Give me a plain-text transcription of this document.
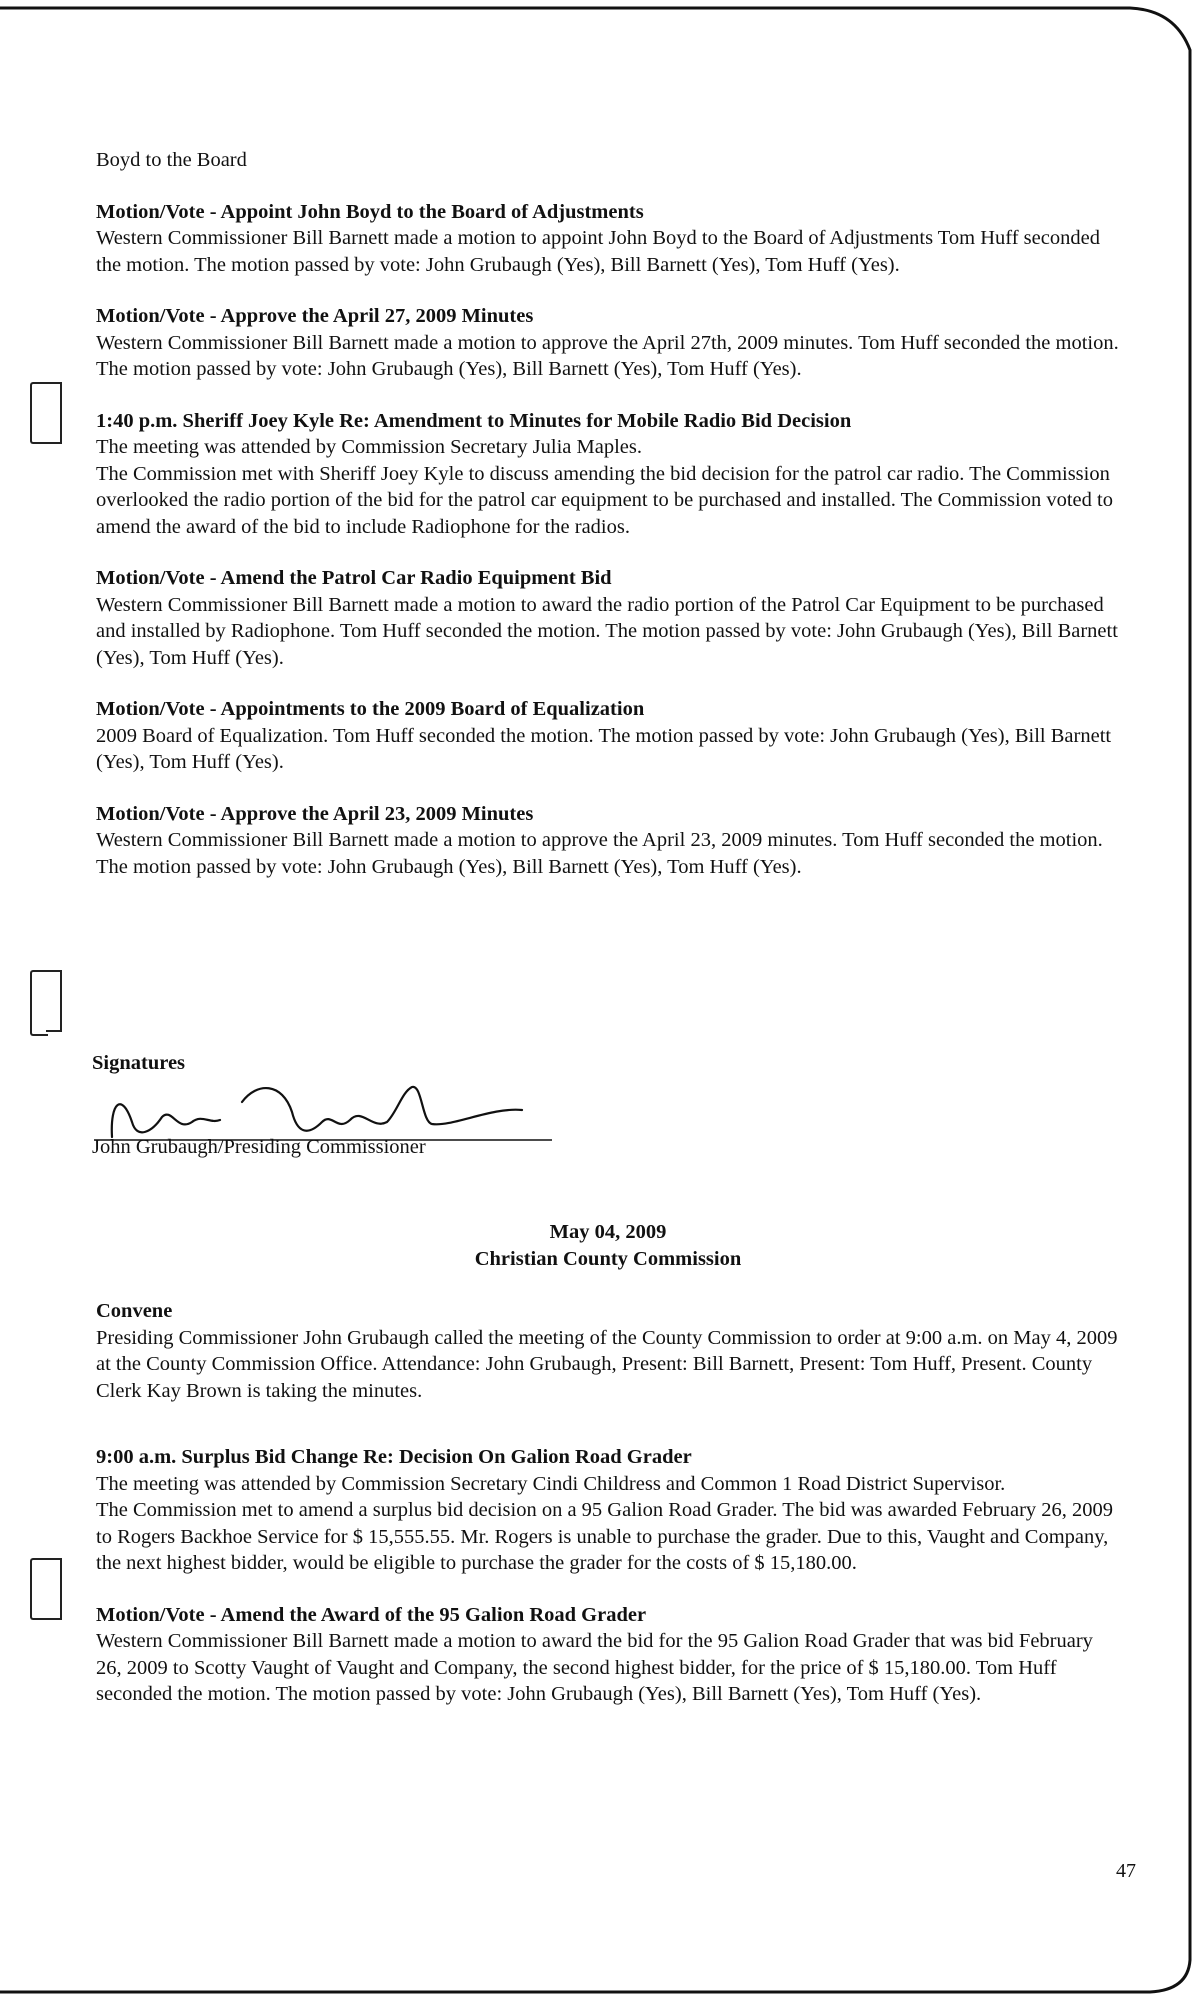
Boyd to the Board
Motion/Vote - Appoint John Boyd to the Board of Adjustments
Western Commissioner Bill Barnett made a motion to appoint John Boyd to the Board of Adjustments Tom Huff seconded the motion. The motion passed by vote: John Grubaugh (Yes), Bill Barnett (Yes), Tom Huff (Yes).
Motion/Vote - Approve the April 27, 2009 Minutes
Western Commissioner Bill Barnett made a motion to approve the April 27th, 2009 minutes. Tom Huff seconded the motion. The motion passed by vote: John Grubaugh (Yes), Bill Barnett (Yes), Tom Huff (Yes).
1:40 p.m. Sheriff Joey Kyle Re: Amendment to Minutes for Mobile Radio Bid Decision
The meeting was attended by Commission Secretary Julia Maples.
The Commission met with Sheriff Joey Kyle to discuss amending the bid decision for the patrol car radio. The Commission overlooked the radio portion of the bid for the patrol car equipment to be purchased and installed. The Commission voted to amend the award of the bid to include Radiophone for the radios.
Motion/Vote - Amend the Patrol Car Radio Equipment Bid
Western Commissioner Bill Barnett made a motion to award the radio portion of the Patrol Car Equipment to be purchased and installed by Radiophone. Tom Huff seconded the motion. The motion passed by vote: John Grubaugh (Yes), Bill Barnett (Yes), Tom Huff (Yes).
Motion/Vote - Appointments to the 2009 Board of Equalization
2009 Board of Equalization. Tom Huff seconded the motion. The motion passed by vote: John Grubaugh (Yes), Bill Barnett (Yes), Tom Huff (Yes).
Motion/Vote - Approve the April 23, 2009 Minutes
Western Commissioner Bill Barnett made a motion to approve the April 23, 2009 minutes. Tom Huff seconded the motion. The motion passed by vote: John Grubaugh (Yes), Bill Barnett (Yes), Tom Huff (Yes).
Signatures
John Grubaugh/Presiding Commissioner
May 04, 2009
Christian County Commission
Convene
Presiding Commissioner John Grubaugh called the meeting of the County Commission to order at 9:00 a.m. on May 4, 2009 at the County Commission Office. Attendance: John Grubaugh, Present: Bill Barnett, Present: Tom Huff, Present. County Clerk Kay Brown is taking the minutes.
9:00 a.m. Surplus Bid Change Re: Decision On Galion Road Grader
The meeting was attended by Commission Secretary Cindi Childress and Common 1 Road District Supervisor.
The Commission met to amend a surplus bid decision on a 95 Galion Road Grader. The bid was awarded February 26, 2009 to Rogers Backhoe Service for $ 15,555.55. Mr. Rogers is unable to purchase the grader. Due to this, Vaught and Company, the next highest bidder, would be eligible to purchase the grader for the costs of $ 15,180.00.
Motion/Vote - Amend the Award of the 95 Galion Road Grader
Western Commissioner Bill Barnett made a motion to award the bid for the 95 Galion Road Grader that was bid February 26, 2009 to Scotty Vaught of Vaught and Company, the second highest bidder, for the price of $ 15,180.00. Tom Huff seconded the motion. The motion passed by vote: John Grubaugh (Yes), Bill Barnett (Yes), Tom Huff (Yes).
47
